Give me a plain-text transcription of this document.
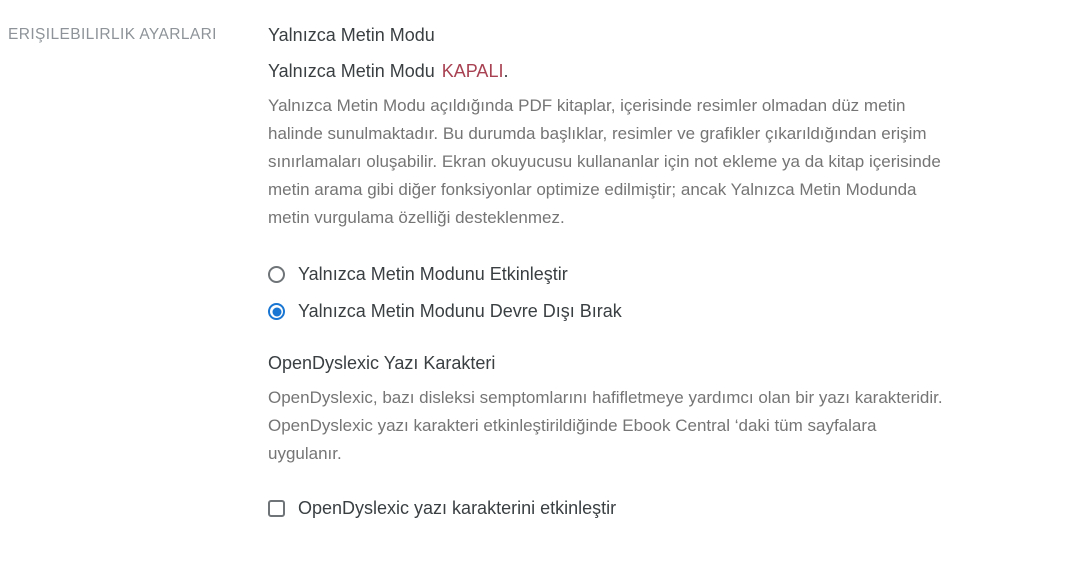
ERIŞILEBILIRLIK AYARLARI	Yalnızca Metin Modu
Yalnızca Metin Modu KAPALI.

Yalnızca Metin Modu açıldığında PDF kitaplar, içerisinde resimler olmadan düz metin halinde sunulmaktadır. Bu durumda başlıklar, resimler ve grafikler çıkarıldığından erişim sınırlamaları oluşabilir. Ekran okuyucusu kullananlar için not ekleme ya da kitap içerisinde metin arama gibi diğer fonksiyonlar optimize edilmiştir; ancak Yalnızca Metin Modunda metin vurgulama özelliği desteklenmez.

Yalnızca Metin Modunu Etkinleştir
Yalnızca Metin Modunu Devre Dışı Bırak
OpenDyslexic Yazı Karakteri

OpenDyslexic, bazı disleksi semptomlarını hafifletmeye yardımcı olan bir yazı karakteridir. OpenDyslexic yazı karakteri etkinleştirildiğinde Ebook Central ‘daki tüm sayfalara uygulanır.

OpenDyslexic yazı karakterini etkinleştir
